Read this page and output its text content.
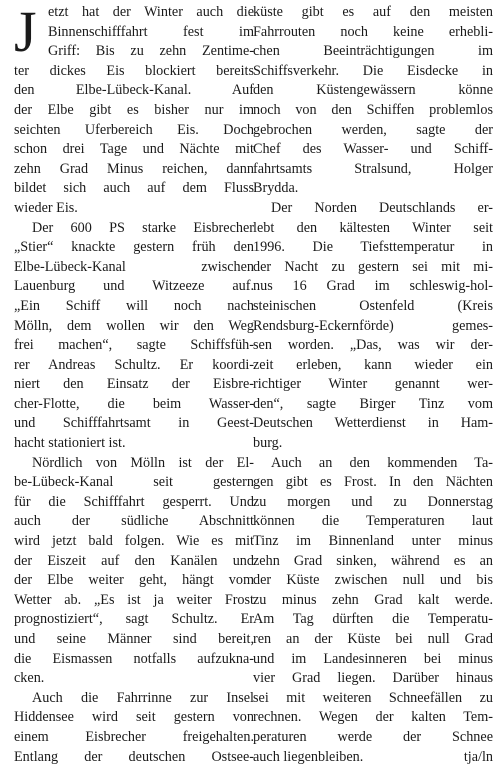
J etzt hat der Winter auch die
Binnenschifffahrt fest im
Griff: Bis zu zehn Zentime-
ter dickes Eis blockiert bereits
den Elbe-Lübeck-Kanal. Auf
der Elbe gibt es bisher nur im
seichten Uferbereich Eis. Doch
schon drei Tage und Nächte mit
zehn Grad Minus reichen, dann
bildet sich auch auf dem Fluss
wieder Eis.
Der 600 PS starke Eisbrecher
„Stier“ knackte gestern früh den
Elbe-Lübeck-Kanal zwischen
Lauenburg und Witzeeze auf.
„Ein Schiff will noch nach
Mölln, dem wollen wir den Weg
frei machen“, sagte Schiffsfüh-
rer Andreas Schultz. Er koordi-
niert den Einsatz der Eisbre-
cher-Flotte, die beim Wasser-
und Schifffahrtsamt in Geest-
hacht stationiert ist.
Nördlich von Mölln ist der El-
be-Lübeck-Kanal seit gestern
für die Schifffahrt gesperrt. Und
auch der südliche Abschnitt
wird jetzt bald folgen. Wie es mit
der Eiszeit auf den Kanälen und
der Elbe weiter geht, hängt vom
Wetter ab. „Es ist ja weiter Frost
prognostiziert“, sagt Schultz. Er
und seine Männer sind bereit,
die Eismassen notfalls aufzukna-
cken.
Auch die Fahrrinne zur Insel
Hiddensee wird seit gestern von
einem Eisbrecher freigehalten.
Entlang der deutschen Ostsee-
küste gibt es auf den meisten
Fahrrouten noch keine erhebli-
chen Beeinträchtigungen im
Schiffsverkehr. Die Eisdecke in
den Küstengewässern könne
noch von den Schiffen problemlos
gebrochen werden, sagte der
Chef des Wasser- und Schiff-
fahrtsamts Stralsund, Holger
Brydda.
Der Norden Deutschlands er-
lebt den kältesten Winter seit
1996. Die Tiefsttemperatur in
der Nacht zu gestern sei mit mi-
nus 16 Grad im schleswig-hol-
steinischen Ostenfeld (Kreis
Rendsburg-Eckernförde) gemes-
sen worden. „Das, was wir der-
zeit erleben, kann wieder ein
richtiger Winter genannt wer-
den“, sagte Birger Tinz vom
Deutschen Wetterdienst in Ham-
burg.
Auch an den kommenden Ta-
gen gibt es Frost. In den Nächten
zu morgen und zu Donnerstag
können die Temperaturen laut
Tinz im Binnenland unter minus
zehn Grad sinken, während es an
der Küste zwischen null und bis
zu minus zehn Grad kalt werde.
Am Tag dürften die Temperatu-
ren an der Küste bei null Grad
und im Landesinneren bei minus
vier Grad liegen. Darüber hinaus
sei mit weiteren Schneefällen zu
rechnen. Wegen der kalten Tem-
peraturen werde der Schnee
auch liegenbleiben.	tja/ln
